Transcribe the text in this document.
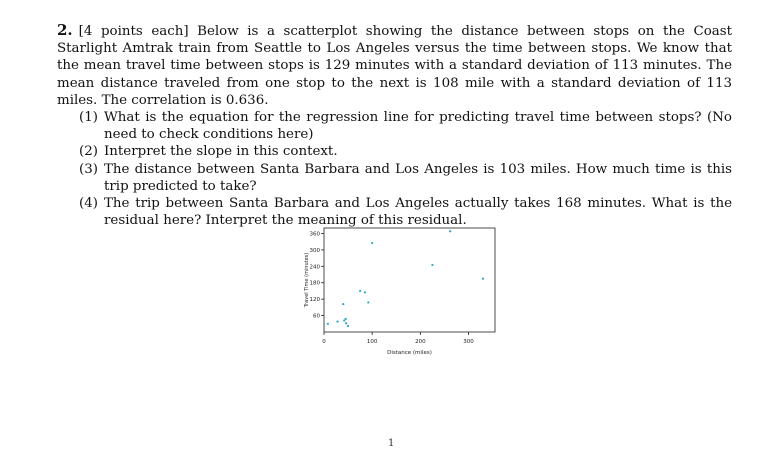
2. [4 points each] Below is a scatterplot showing the distance between stops on the Coast Starlight Amtrak train from Seattle to Los Angeles versus the time between stops. We know that the mean travel time between stops is 129 minutes with a standard deviation of 113 minutes. The mean distance traveled from one stop to the next is 108 mile with a standard deviation of 113 miles. The correlation is 0.636.
(1) What is the equation for the regression line for predicting travel time between stops? (No need to check conditions here)
(2) Interpret the slope in this context.
(3) The distance between Santa Barbara and Los Angeles is 103 miles. How much time is this trip predicted to take?
(4) The trip between Santa Barbara and Los Angeles actually takes 168 minutes. What is the residual here? Interpret the meaning of this residual.
0	100	200	300
60
120
180
240
300
360
Distance (miles)
Travel Time (minutes)
1
